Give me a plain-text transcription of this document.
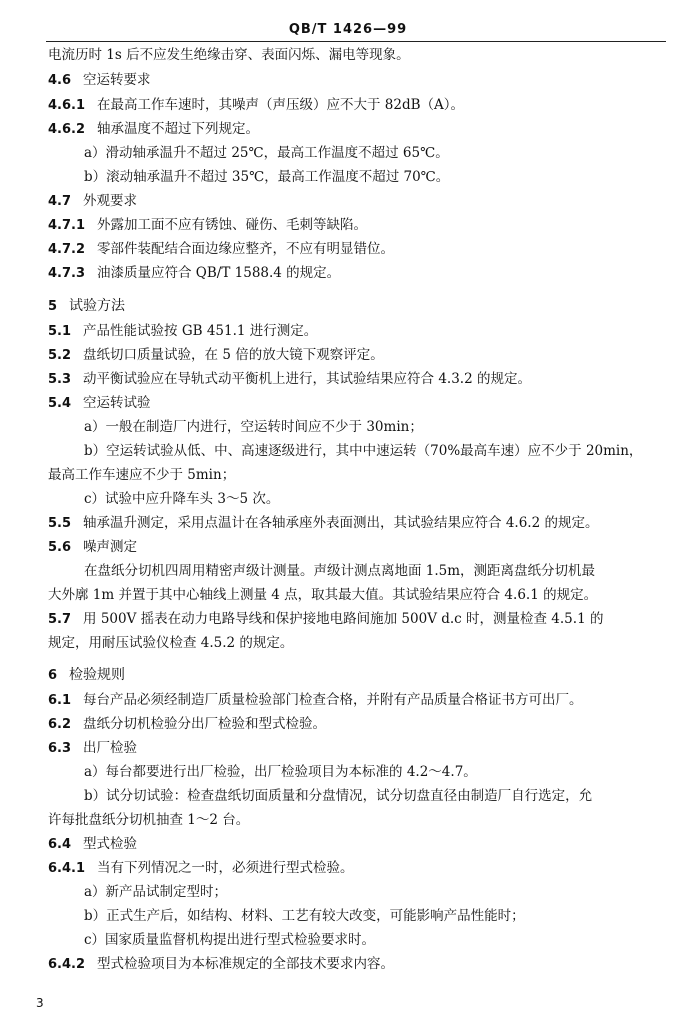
QB/T 1426—99
电流历时 1s 后不应发生绝缘击穿、表面闪烁、漏电等现象。
4.6 空运转要求
4.6.1 在最高工作车速时，其噪声（声压级）应不大于 82dB（A）。
4.6.2 轴承温度不超过下列规定。
a）滑动轴承温升不超过 25℃，最高工作温度不超过 65℃。
b）滚动轴承温升不超过 35℃，最高工作温度不超过 70℃。
4.7 外观要求
4.7.1 外露加工面不应有锈蚀、碰伤、毛刺等缺陷。
4.7.2 零部件装配结合面边缘应整齐，不应有明显错位。
4.7.3 油漆质量应符合 QB/T 1588.4 的规定。
5 试验方法
5.1 产品性能试验按 GB 451.1 进行测定。
5.2 盘纸切口质量试验，在 5 倍的放大镜下观察评定。
5.3 动平衡试验应在导轨式动平衡机上进行，其试验结果应符合 4.3.2 的规定。
5.4 空运转试验
a）一般在制造厂内进行，空运转时间应不少于 30min；
b）空运转试验从低、中、高速逐级进行，其中中速运转（70%最高车速）应不少于 20min，
最高工作车速应不少于 5min；
c）试验中应升降车头 3～5 次。
5.5 轴承温升测定，采用点温计在各轴承座外表面测出，其试验结果应符合 4.6.2 的规定。
5.6 噪声测定
在盘纸分切机四周用精密声级计测量。声级计测点离地面 1.5m，测距离盘纸分切机最
大外廓 1m 并置于其中心轴线上测量 4 点，取其最大值。其试验结果应符合 4.6.1 的规定。
5.7 用 500V 摇表在动力电路导线和保护接地电路间施加 500V d.c 时，测量检查 4.5.1 的
规定，用耐压试验仪检查 4.5.2 的规定。
6 检验规则
6.1 每台产品必须经制造厂质量检验部门检查合格，并附有产品质量合格证书方可出厂。
6.2 盘纸分切机检验分出厂检验和型式检验。
6.3 出厂检验
a）每台都要进行出厂检验，出厂检验项目为本标准的 4.2～4.7。
b）试分切试验：检查盘纸切面质量和分盘情况，试分切盘直径由制造厂自行选定，允
许每批盘纸分切机抽查 1～2 台。
6.4 型式检验
6.4.1 当有下列情况之一时，必须进行型式检验。
a）新产品试制定型时；
b）正式生产后，如结构、材料、工艺有较大改变，可能影响产品性能时；
c）国家质量监督机构提出进行型式检验要求时。
6.4.2 型式检验项目为本标准规定的全部技术要求内容。
3
